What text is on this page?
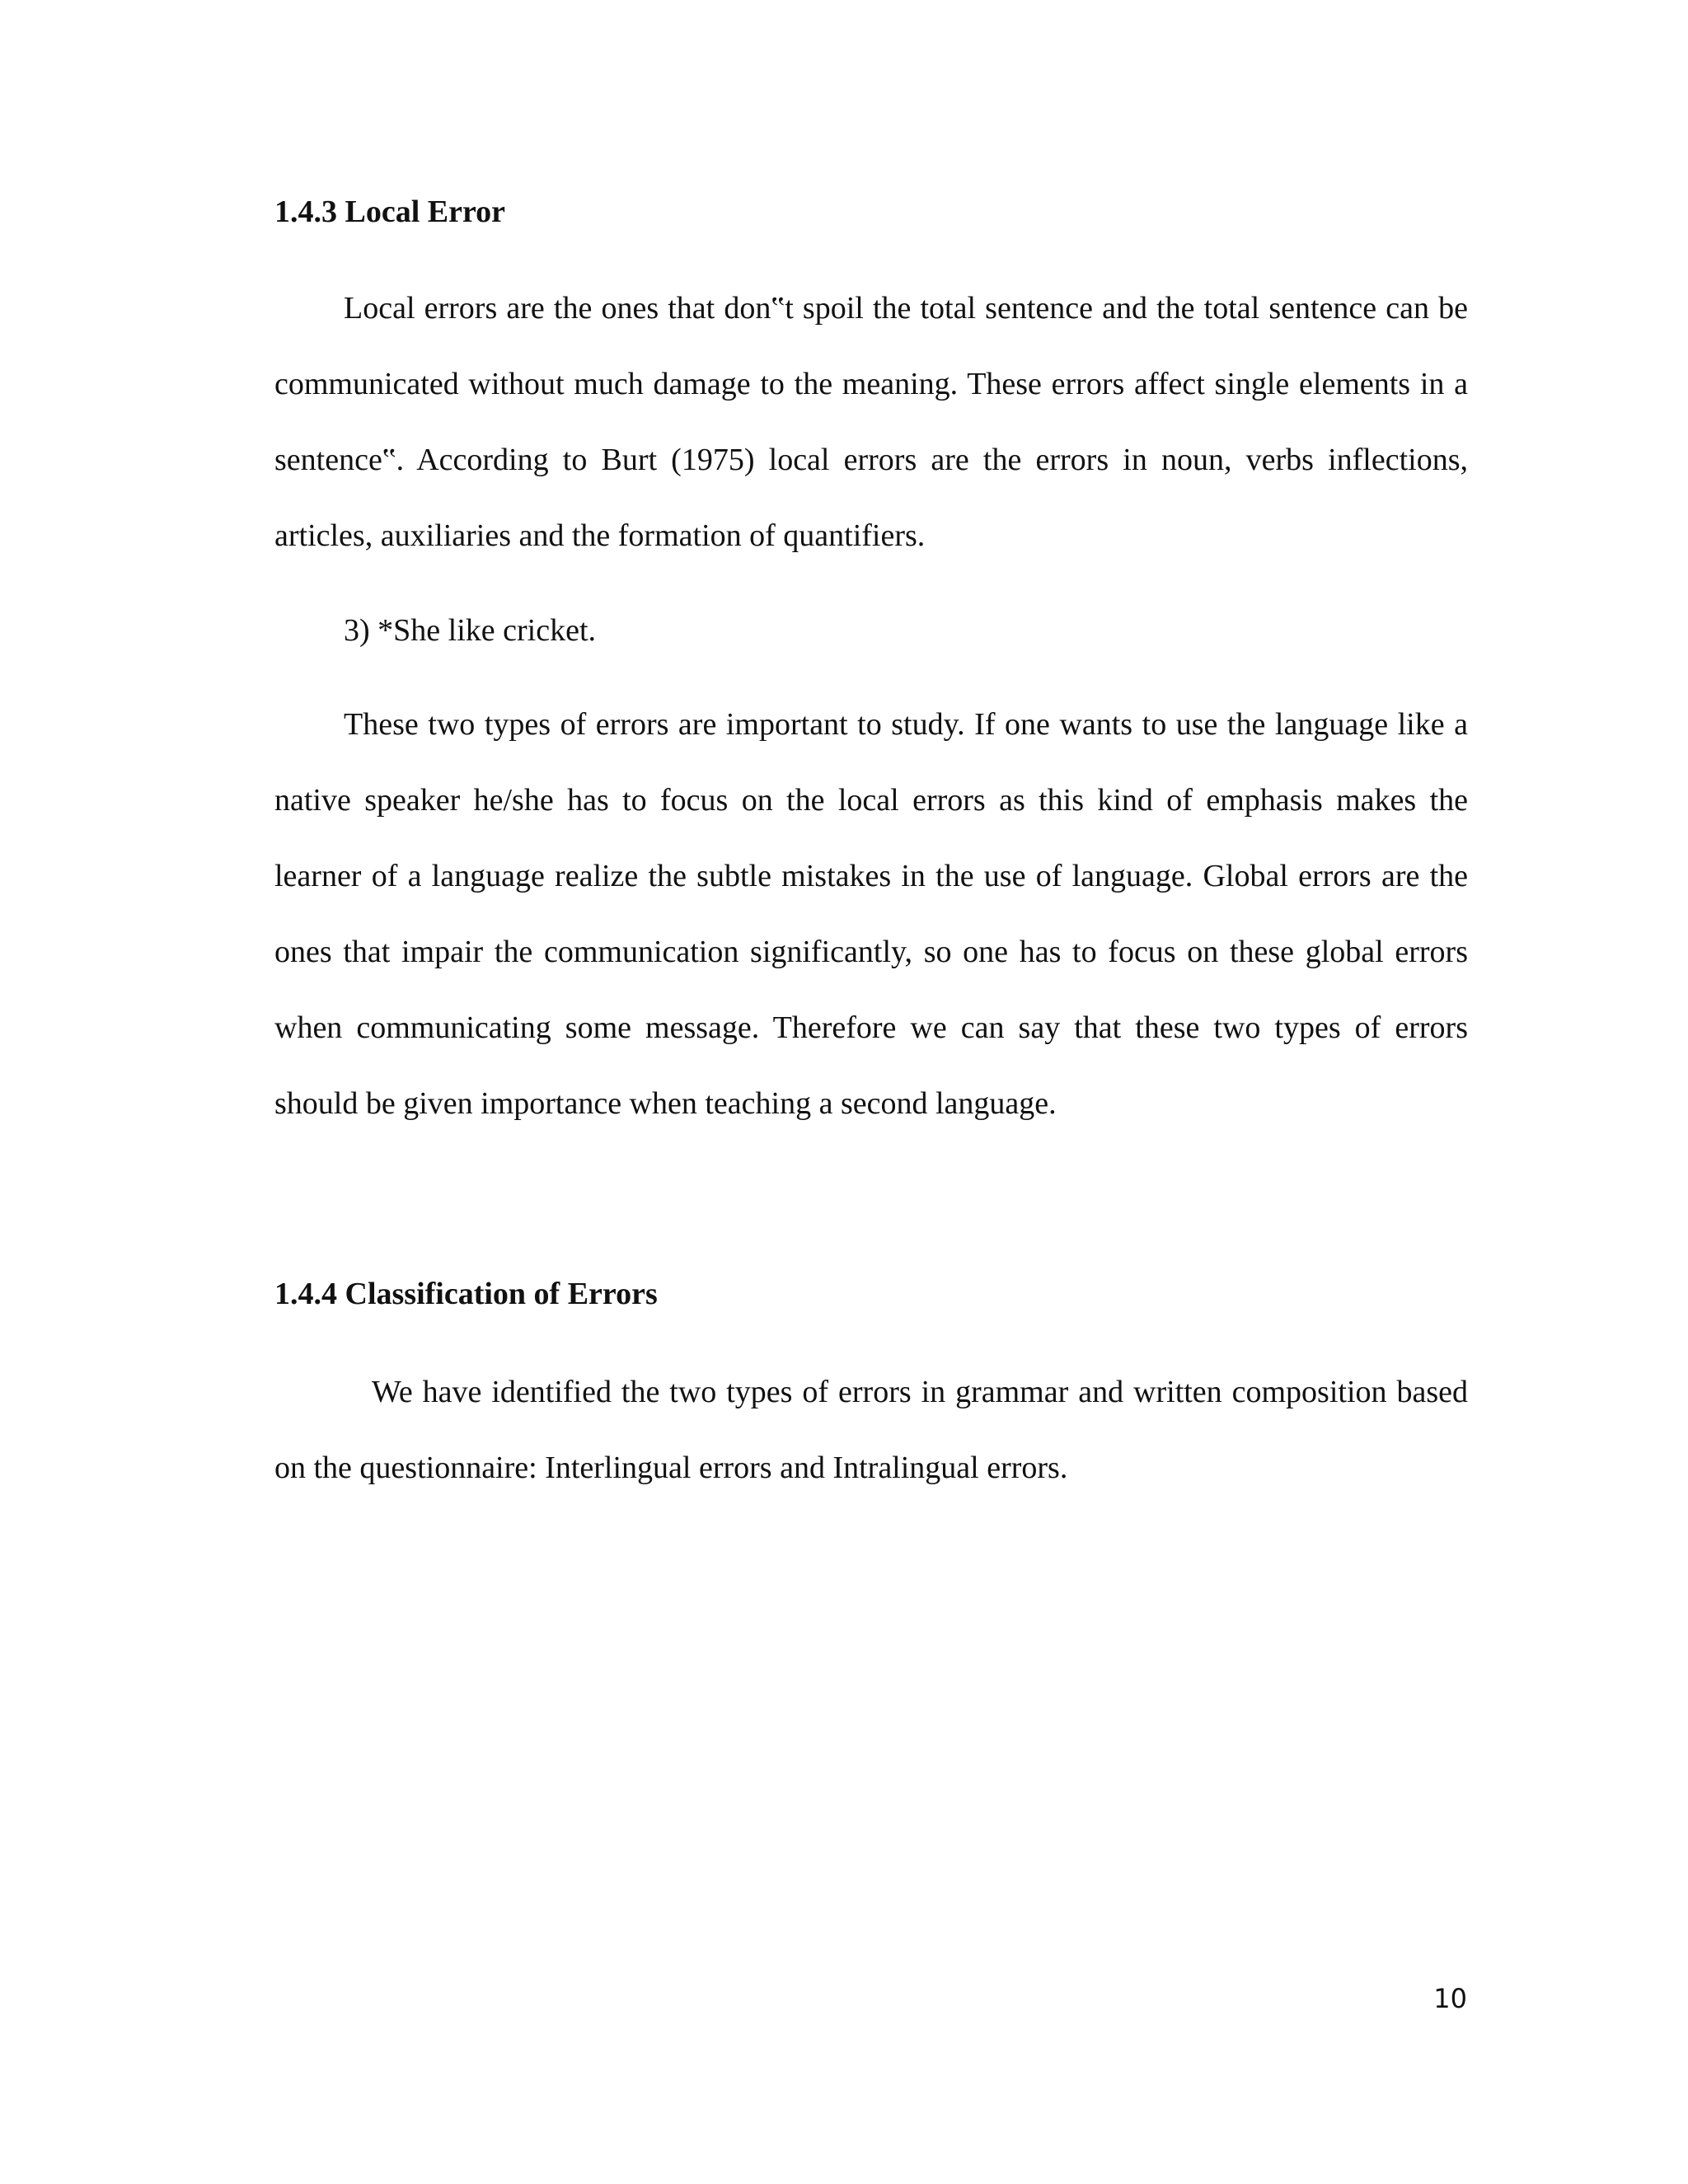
1.4.3 Local Error
Local errors are the ones that don‟t spoil the total sentence and the total sentence can be communicated without much damage to the meaning. These errors affect single elements in a sentence‟. According to Burt (1975) local errors are the errors in noun, verbs inflections, articles, auxiliaries and the formation of quantifiers.
3) *She like cricket.
These two types of errors are important to study. If one wants to use the language like a native speaker he/she has to focus on the local errors as this kind of emphasis makes the learner of a language realize the subtle mistakes in the use of language. Global errors are the ones that impair the communication significantly, so one has to focus on these global errors when communicating some message. Therefore we can say that these two types of errors should be given importance when teaching a second language.
1.4.4 Classification of Errors
We have identified the two types of errors in grammar and written composition based on the questionnaire: Interlingual errors and Intralingual errors.
10
